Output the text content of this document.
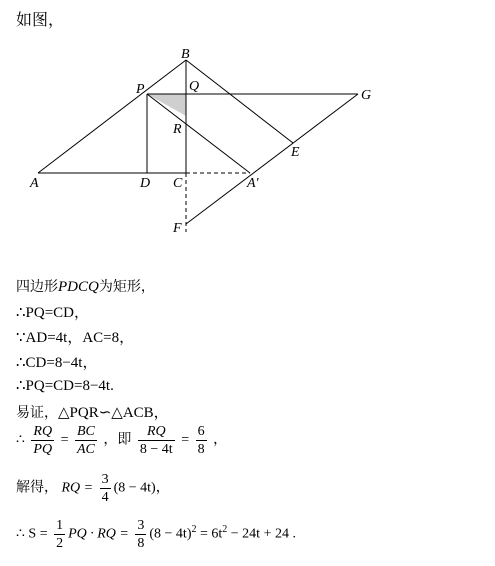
如图，
B
P	Q
G
R
E
A	D C	A'
F
四边形PDCQ为矩形，
∴PQ=CD，
∵AD=4t，AC=8，
∴CD=8−4t，
∴PQ=CD=8−4t.
易证，△PQR∽△ACB，
∴ $\frac{RQ}{PQ} = \frac{BC}{AC}$ ，即 $\frac{RQ}{8 - 4t} = \frac{6}{8}$ ，
解得， RQ = $\frac{3}{4} (8 - 4t)$，
∴ $S = \frac{1}{2}$ PQ · RQ = $\frac{3}{8} (8 - 4t)^2 = 6t^2 - 24t + 24$ .
